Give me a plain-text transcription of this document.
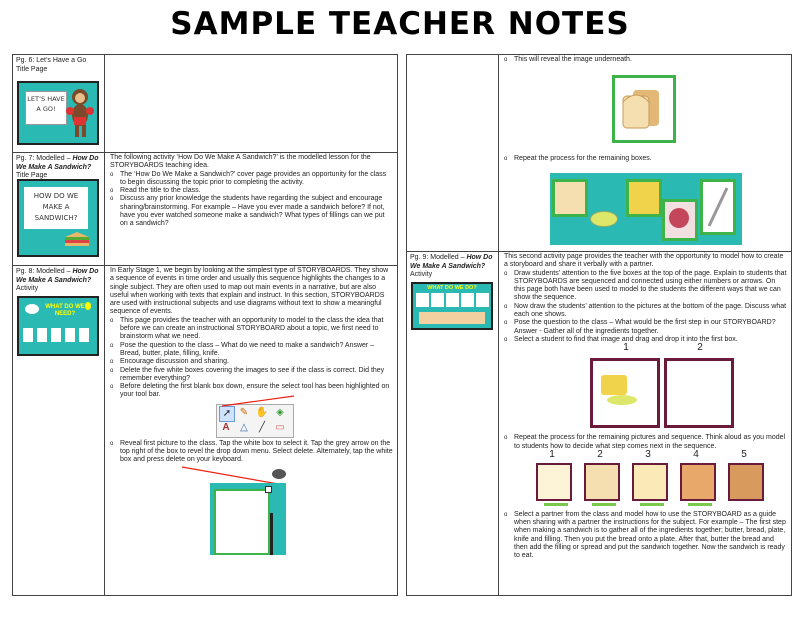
SAMPLE TEACHER NOTES
Pg. 6: Let’s Have a Go Title Page
LET’S HAVE A GO!
Pg. 7: Modelled – How Do We Make A Sandwich? Title Page
HOW DO WE MAKE A SANDWICH?

The following activity ‘How Do We Make A Sandwich?’ is the modelled lesson for the STORYBOARDS teaching idea.

o The ‘How Do We Make a Sandwich?’ cover page provides an opportunity for the class to begin discussing the topic prior to completing the activity.

o Read the title to the class.

o Discuss any prior knowledge the students have regarding the subject and encourage sharing/brainstorming. For example – Have you ever made a sandwich before? If not, have you ever watched someone make a sandwich? What types of fillings can we put on a sandwich?

Pg. 8: Modelled – How Do We Make A Sandwich? Activity
WHAT DO WE NEED?

In Early Stage 1, we begin by looking at the simplest type of STORYBOARDS. They show a sequence of events in time order and usually this sequence highlights the changes to a single subject. They are often used to map out main events in a narrative, but are also useful when working with texts that explain and instruct. In this section, STORYBOARDS are used with instructional subjects and use diagrams without text to show a meaningful sequence of events.

o This page provides the teacher with an opportunity to model to the class the idea that before we can create an instructional STORYBOARD about a topic, we first need to brainstorm what we need.

o Pose the question to the class – What do we need to make a sandwich? Answer – Bread, butter, plate, filling, knife.

o Encourage discussion and sharing.

o Delete the five white boxes covering the images to see if the class is correct. Did they remember everything?

o Before deleting the first blank box down, ensure the select tool has been highlighted on your tool bar.

➚ ✎ ✋ ◈
A	△	╱	▭

o Reveal first picture to the class. Tap the white box to select it. Tap the grey arrow on the top right of the box to revel the drop down menu. Select delete. Alternately, tap the white box and press delete on your keyboard.

o This will reveal the image underneath.

o Repeat the process for the remaining boxes.

Pg. 9: Modelled – How Do We Make A Sandwich? Activity
WHAT DO WE DO?

This second activity page provides the teacher with the opportunity to model how to create a storyboard and share it verbally with a partner.

o Draw students’ attention to the five boxes at the top of the page. Explain to students that STORYBOARDS are sequenced and connected using either numbers or arrows. On this page both have been used to model to the students the different ways that we can show the sequence.

o Now draw the students’ attention to the pictures at the bottom of the page. Discuss what each one shows.

o Pose the question to the class – What would be the first step in our STORYBOARD? Answer - Gather all of the ingredients together.

o Select a student to find that image and drag and drop it into the first box.

1	2

o Repeat the process for the remaining pictures and sequence. Think aloud as you model to students how to decide what step comes next in the sequence.

1	2	3	4	5

o Select a partner from the class and model how to use the STORYBOARD as a guide when sharing with a partner the instructions for the subject. For example – The first step when making a sandwich is to gather all of the ingredients together; butter, bread, plate, knife and filling. Then you put the bread onto a plate. After that, butter the bread and then add the filling or spread and put the sandwich together. Now the sandwich is ready to eat.
